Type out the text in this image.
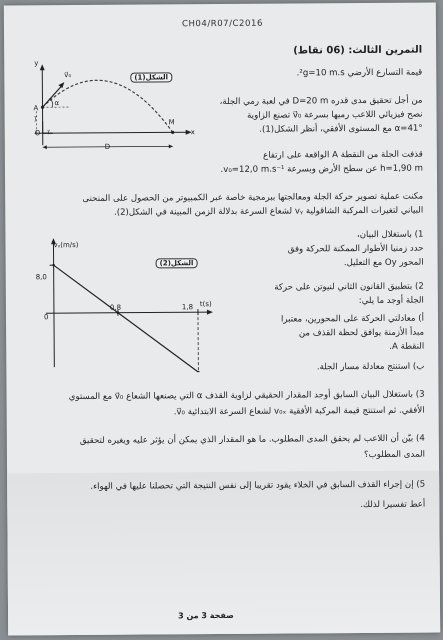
CH04/R07/C2016
التمرين الثالث: (06 نقاط)
قيمة التسارع الأرضي ²‎g=10 m.s.
من أجل تحقيق مدى قدره D=20 m في لعبة رمي الجلة،
نصح فيزيائي اللاعب رميها بسرعة v⃗₀ تصنع الزاوية
α=41° مع المستوى الأفقي، أنظر الشكل(1).
قذفت الجلة من النقطة A الواقعة على ارتفاع
h=1,90 m عن سطح الأرض وبسرعة ¹⁻v₀=12,0 m.s.
y
x
v⃗₀
α
A
O
M
D
i⃗
j⃗
الشكل(1)
مكنت عملية تصوير حركة الجلة ومعالجتها ببرمجية خاصة عبر الكمبيوتر من الحصول على المنحنى
البياني لتغيرات المركبة الشاقولية vᵧ لشعاع السرعة بدلالة الزمن المبينة في الشكل(2).
vᵧ(m/s)
t(s)
8,0
0
0,8	1,8
الشكل(2)
1) باستغلال البيان،
حدد زمنيا الأطوار الممكنة للحركة وفق
المحور Oy مع التعليل.
2) بتطبيق القانون الثاني لنيوتن على حركة
الجلة أوجد ما يلي:
أ) معادلتي الحركة على المحورين، معتبرا
مبدأ الأزمنة يوافق لحظة القذف من
النقطة A.
ب) استنتج معادلة مسار الجلة.
3) باستغلال البيان السابق أوجد المقدار الحقيقي لزاوية القذف α التي يصنعها الشعاع v⃗₀ مع المستوي
الأفقي. ثم استنتج قيمة المركبة الأفقية v₀ₓ لشعاع السرعة الابتدائية v⃗₀.
4) بيّن أن اللاعب لم يحقق المدى المطلوب. ما هو المقدار الذي يمكن أن يؤثر عليه ويغيره لتحقيق
المدى المطلوب؟
5) إن إجراء القذف السابق في الخلاء يقود تقريبا إلى نفس النتيجة التي تحصلنا عليها في الهواء.
أعط تفسيرا لذلك.
صفحة 3 من 3
